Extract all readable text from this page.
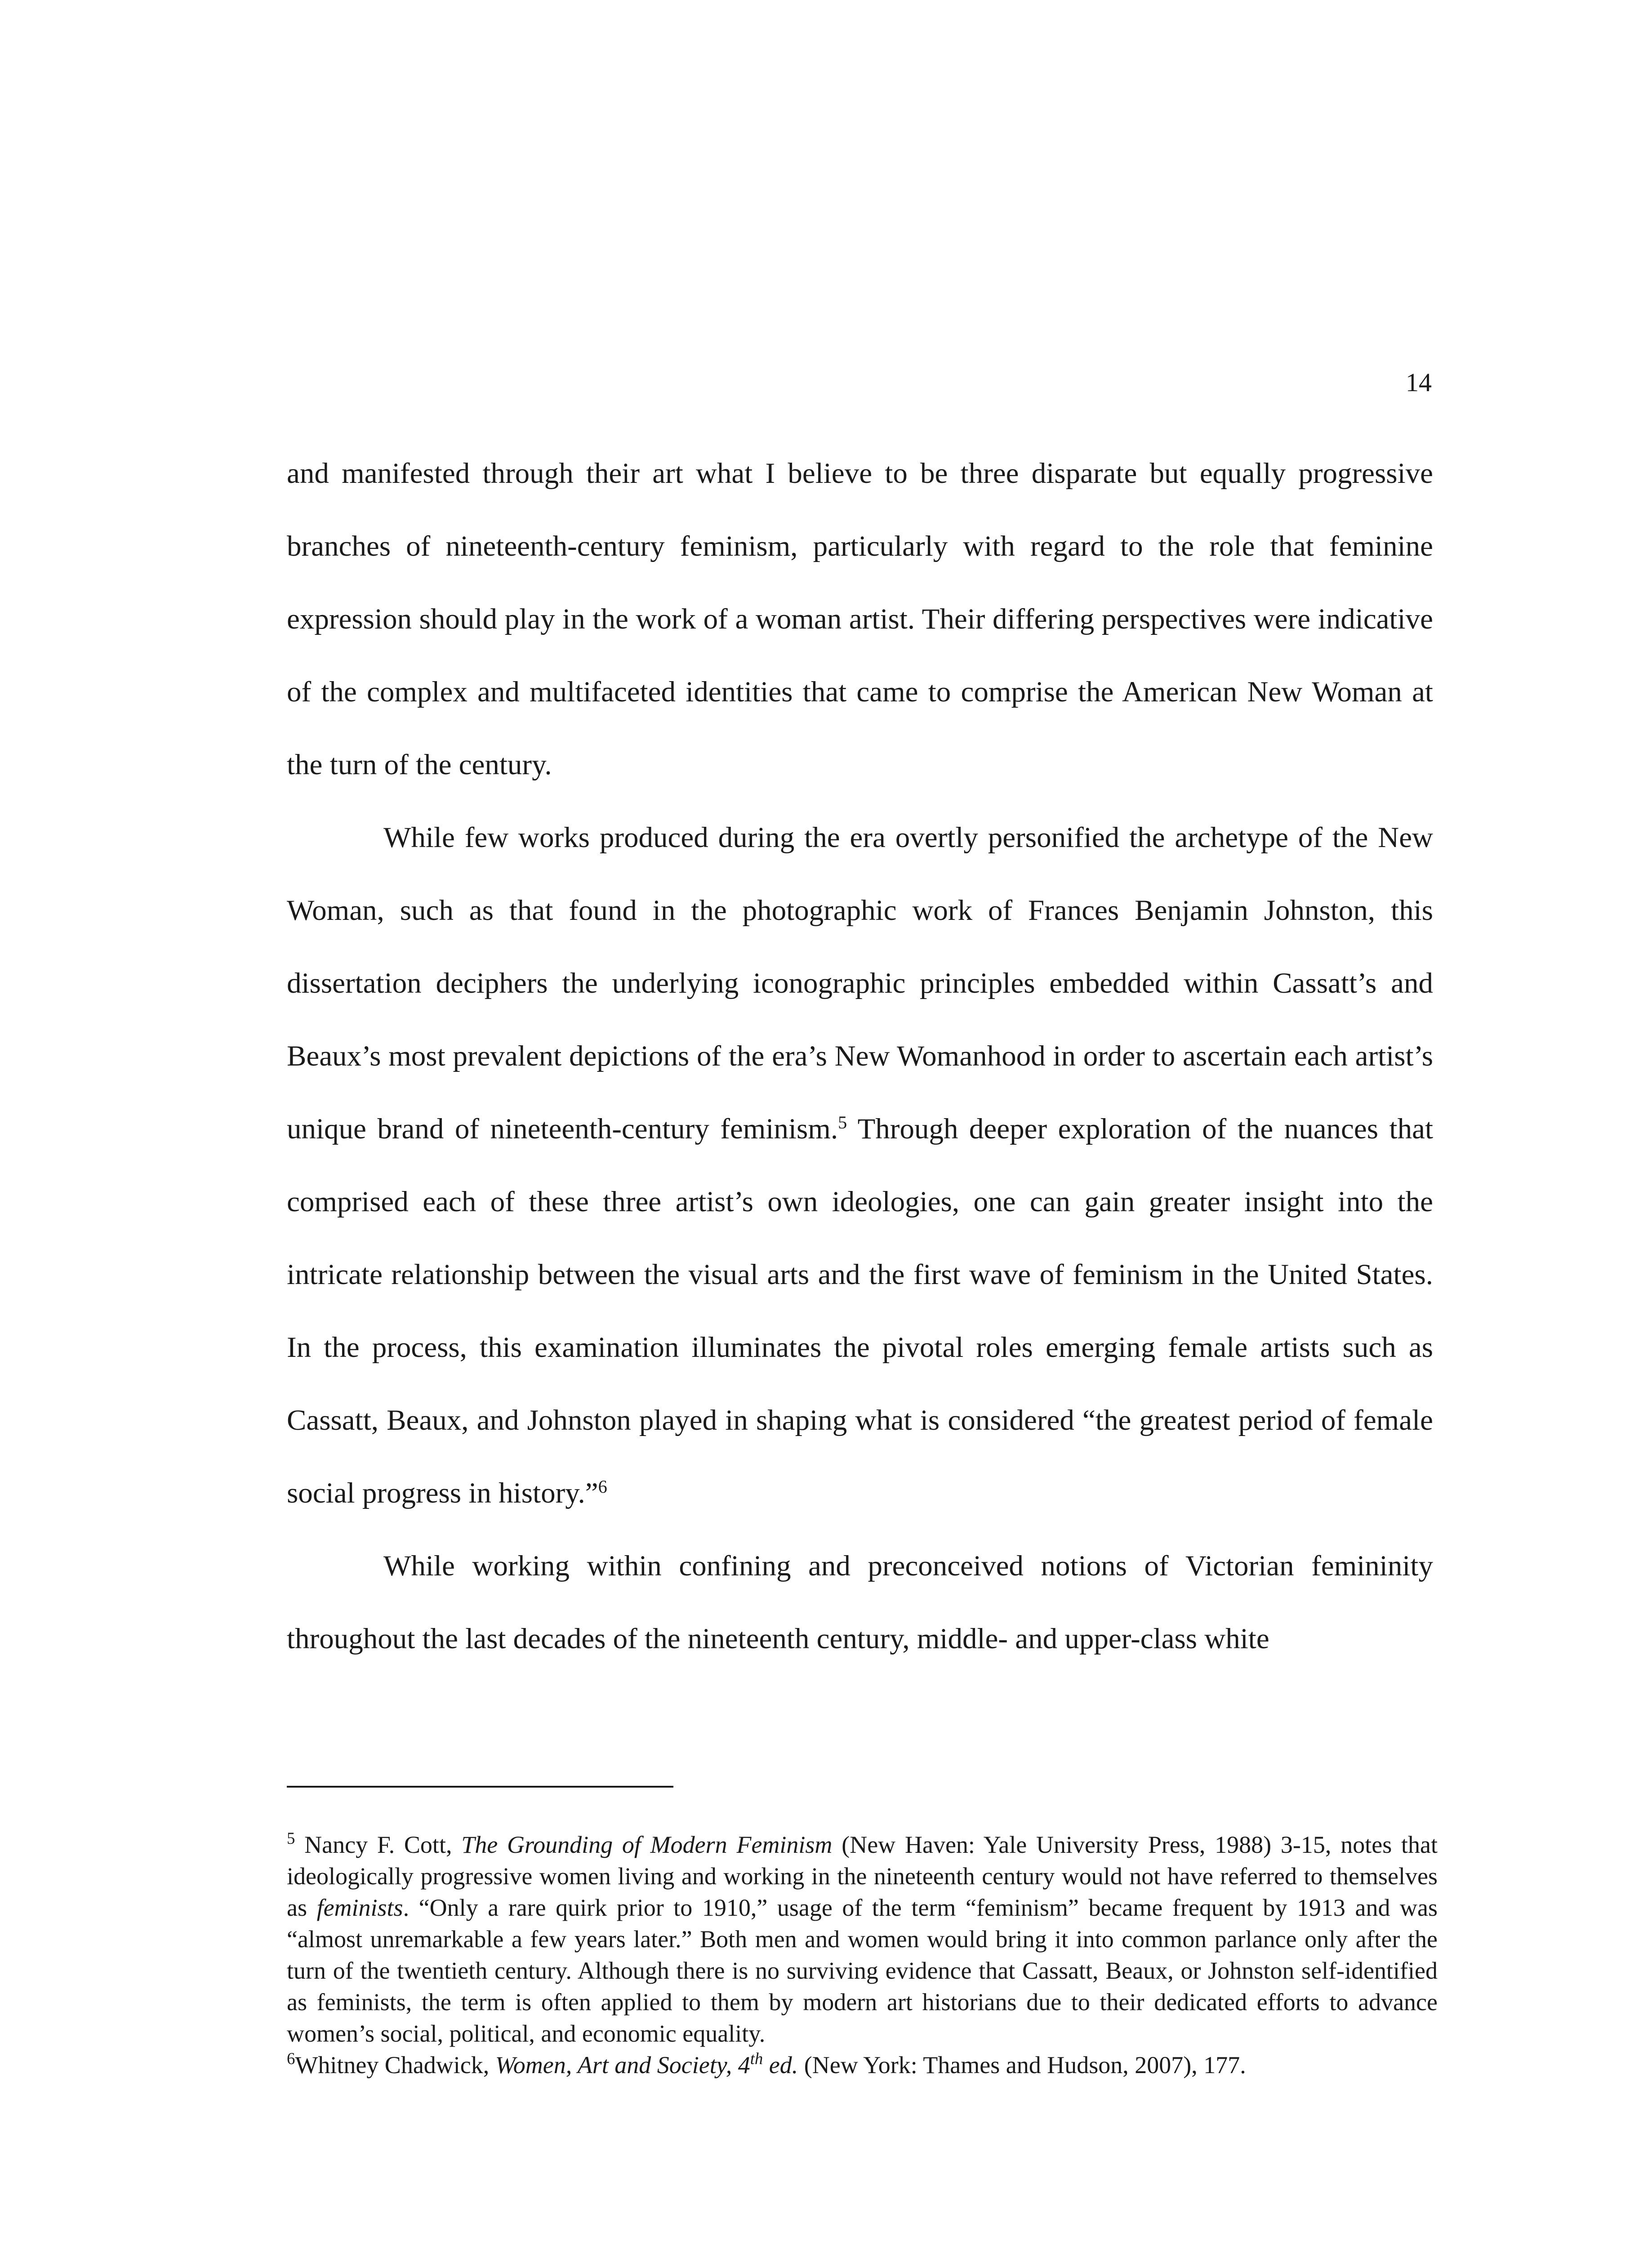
14

and manifested through their art what I believe to be three disparate but equally progressive branches of nineteenth-century feminism, particularly with regard to the role that feminine expression should play in the work of a woman artist. Their differing perspectives were indicative of the complex and multifaceted identities that came to comprise the American New Woman at the turn of the century.

While few works produced during the era overtly personified the archetype of the New Woman, such as that found in the photographic work of Frances Benjamin Johnston, this dissertation deciphers the underlying iconographic principles embedded within Cassatt’s and Beaux’s most prevalent depictions of the era’s New Womanhood in order to ascertain each artist’s unique brand of nineteenth-century feminism.$^5$ Through deeper exploration of the nuances that comprised each of these three artist’s own ideologies, one can gain greater insight into the intricate relationship between the visual arts and the first wave of feminism in the United States. In the process, this examination illuminates the pivotal roles emerging female artists such as Cassatt, Beaux, and Johnston played in shaping what is considered “the greatest period of female social progress in history.”$^6$

While working within confining and preconceived notions of Victorian femininity throughout the last decades of the nineteenth century, middle- and upper-class white

$^5$ Nancy F. Cott, The Grounding of Modern Feminism (New Haven: Yale University Press, 1988) 3-15, notes that ideologically progressive women living and working in the nineteenth century would not have referred to themselves as feminists. “Only a rare quirk prior to 1910,” usage of the term “feminism” became frequent by 1913 and was “almost unremarkable a few years later.” Both men and women would bring it into common parlance only after the turn of the twentieth century. Although there is no surviving evidence that Cassatt, Beaux, or Johnston self-identified as feminists, the term is often applied to them by modern art historians due to their dedicated efforts to advance women’s social, political, and economic equality.

$^6$Whitney Chadwick, Women, Art and Society, 4th ed. (New York: Thames and Hudson, 2007), 177.
